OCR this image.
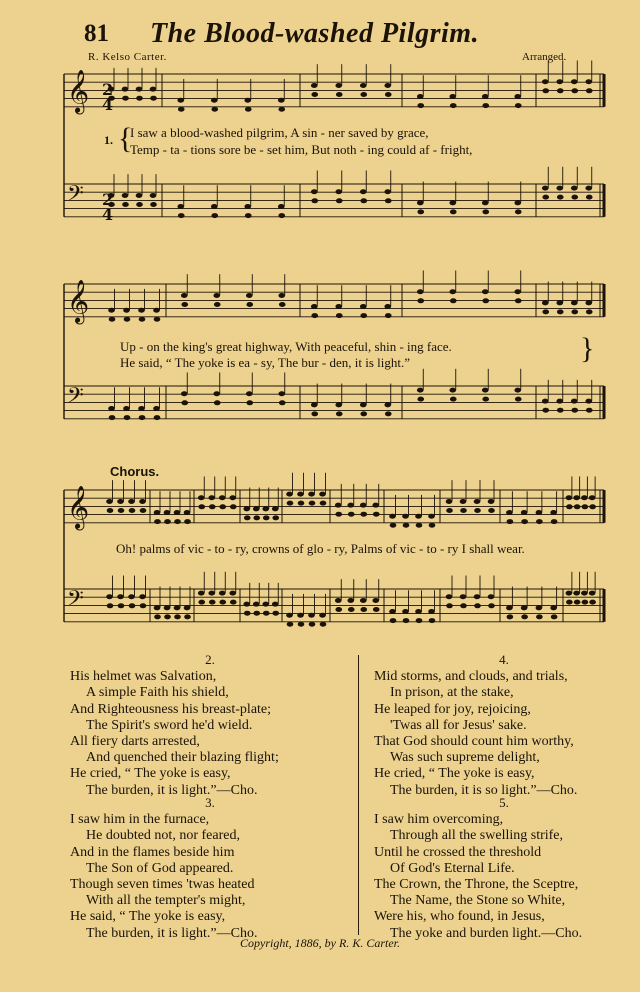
𝄞
𝄢
𝄞
𝄢
𝄞
𝄢
2
4
2
4
81 The Blood-washed Pilgrim.
R. Kelso Carter.	Arranged.
1. {
I saw a blood-washed pilgrim, A sin - ner saved by grace,
Temp - ta - tions sore be - set him, But noth - ing could af - fright,
Up - on the king's great highway, With peaceful, shin - ing face.
He said, “ The yoke is ea - sy, The bur - den, it is light.”	}
Chorus.
Oh! palms of vic - to - ry, crowns of glo - ry, Palms of vic - to - ry I shall wear.
2.
His helmet was Salvation,
A simple Faith his shield,
And Righteousness his breast-plate;
The Spirit's sword he'd wield.
All fiery darts arrested,
And quenched their blazing flight;
He cried, “ The yoke is easy,
The burden, it is light.”—Cho.
3.
I saw him in the furnace,
He doubted not, nor feared,
And in the flames beside him
The Son of God appeared.
Though seven times 'twas heated
With all the tempter's might,
He said, “ The yoke is easy,
The burden, it is light.”—Cho.
4.
Mid storms, and clouds, and trials,
In prison, at the stake,
He leaped for joy, rejoicing,
'Twas all for Jesus' sake.
That God should count him worthy,
Was such supreme delight,
He cried, “ The yoke is easy,
The burden, it is so light.”—Cho.
5.
I saw him overcoming,
Through all the swelling strife,
Until he crossed the threshold
Of God's Eternal Life.
The Crown, the Throne, the Sceptre,
The Name, the Stone so White,
Were his, who found, in Jesus,
The yoke and burden light.—Cho.
Copyright, 1886, by R. K. Carter.
